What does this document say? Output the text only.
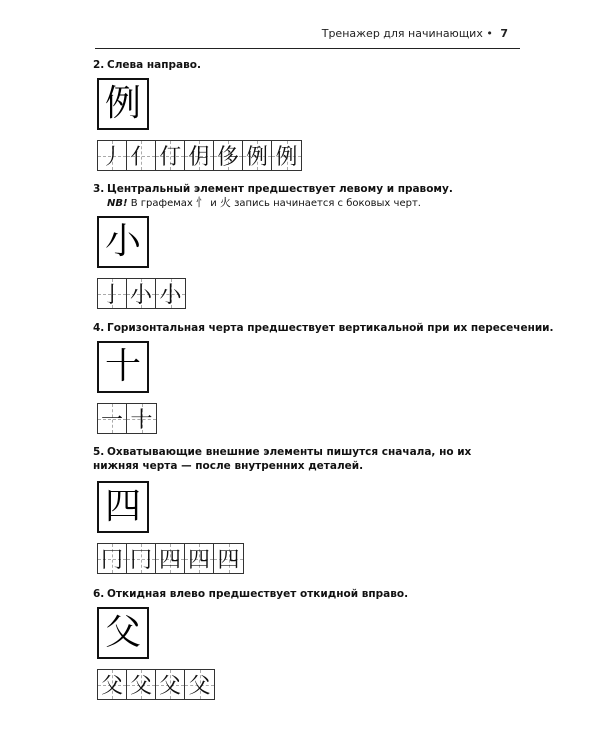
Тренажер для начинающих • 7
2. Слева направо.
例
丿 亻 仃 仴 侈 例 例
3. Центральный элемент предшествует левому и правому.
NB! В графемах 忄 и 火 запись начинается с боковых черт.
小
亅 小 小
4. Горизонтальная черта предшествует вертикальной при их пересечении.
十
一 十
5. Охватывающие внешние элементы пишутся сначала, но их нижняя черта — после внутренних деталей.
四
冂 冂 四 四 四
6. Откидная влево предшествует откидной вправо.
父
父 父 父 父
